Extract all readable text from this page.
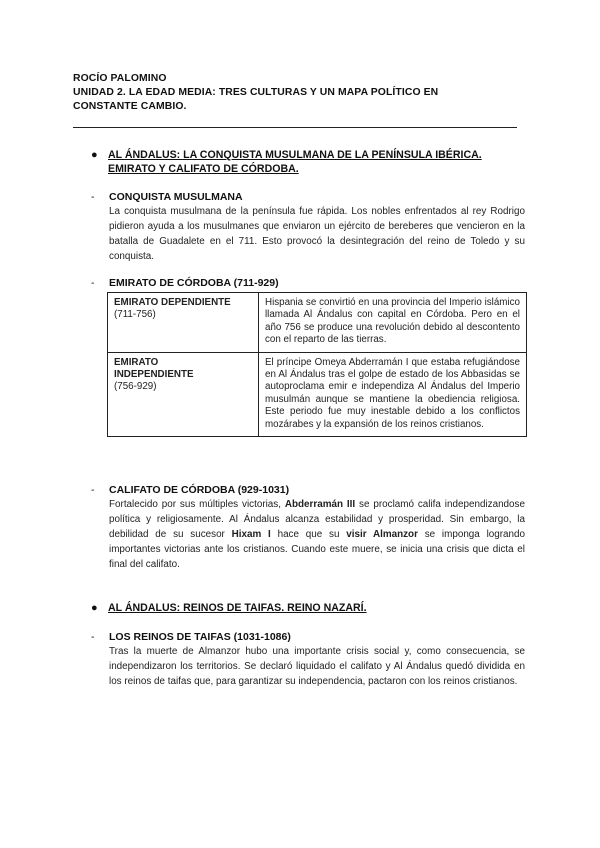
ROCÍO PALOMINO
UNIDAD 2. LA EDAD MEDIA: TRES CULTURAS Y UN MAPA POLÍTICO EN
CONSTANTE CAMBIO.
● AL ÁNDALUS: LA CONQUISTA MUSULMANA DE LA PENÍNSULA IBÉRICA.
EMIRATO Y CALIFATO DE CÓRDOBA.
- CONQUISTA MUSULMANA
La conquista musulmana de la península fue rápida. Los nobles enfrentados al rey Rodrigo pidieron ayuda a los musulmanes que enviaron un ejército de bereberes que vencieron en la batalla de Guadalete en el 711. Esto provocó la desintegración del reino de Toledo y su conquista.
- EMIRATO DE CÓRDOBA (711-929)
EMIRATO DEPENDIENTE
(711-756)	Hispania se convirtió en una provincia del Imperio islámico llamada Al Ándalus con capital en Córdoba. Pero en el año 756 se produce una revolución debido al descontento con el reparto de las tierras.

EMIRATO INDEPENDIENTE
(756-929)	El príncipe Omeya Abderramán I que estaba refugiándose en Al Ándalus tras el golpe de estado de los Abbasidas se autoproclama emir e independiza Al Ándalus del Imperio musulmán aunque se mantiene la obediencia religiosa. Este periodo fue muy inestable debido a los conflictos mozárabes y la expansión de los reinos cristianos.
- CALIFATO DE CÓRDOBA (929-1031)
Fortalecido por sus múltiples victorias, Abderramán III se proclamó califa independizandose política y religiosamente. Al Ándalus alcanza estabilidad y prosperidad. Sin embargo, la debilidad de su sucesor Hixam I hace que su visir Almanzor se imponga logrando importantes victorias ante los cristianos. Cuando este muere, se inicia una crisis que dicta el final del califato.
● AL ÁNDALUS: REINOS DE TAIFAS. REINO NAZARÍ.
- LOS REINOS DE TAIFAS (1031-1086)
Tras la muerte de Almanzor hubo una importante crisis social y, como consecuencia, se independizaron los territorios. Se declaró liquidado el califato y Al Ándalus quedó dividida en los reinos de taifas que, para garantizar su independencia, pactaron con los reinos cristianos.
